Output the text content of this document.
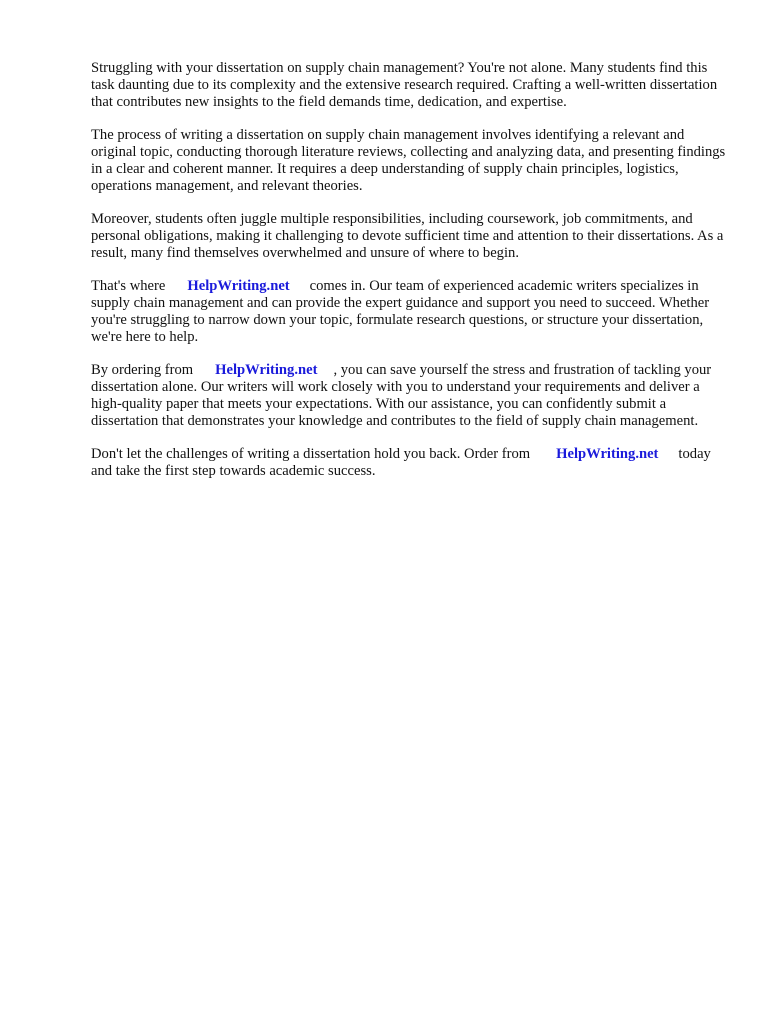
Struggling with your dissertation on supply chain management? You're not alone. Many students find this task daunting due to its complexity and the extensive research required. Crafting a well-written dissertation that contributes new insights to the field demands time, dedication, and expertise.

The process of writing a dissertation on supply chain management involves identifying a relevant and original topic, conducting thorough literature reviews, collecting and analyzing data, and presenting findings in a clear and coherent manner. It requires a deep understanding of supply chain principles, logistics, operations management, and relevant theories.

Moreover, students often juggle multiple responsibilities, including coursework, job commitments, and personal obligations, making it challenging to devote sufficient time and attention to their dissertations. As a result, many find themselves overwhelmed and unsure of where to begin.

That's where HelpWriting.net comes in. Our team of experienced academic writers specializes in supply chain management and can provide the expert guidance and support you need to succeed. Whether you're struggling to narrow down your topic, formulate research questions, or structure your dissertation, we're here to help.

By ordering from HelpWriting.net , you can save yourself the stress and frustration of tackling your dissertation alone. Our writers will work closely with you to understand your requirements and deliver a high-quality paper that meets your expectations. With our assistance, you can confidently submit a dissertation that demonstrates your knowledge and contributes to the field of supply chain management.

Don't let the challenges of writing a dissertation hold you back. Order from HelpWriting.net today and take the first step towards academic success.
